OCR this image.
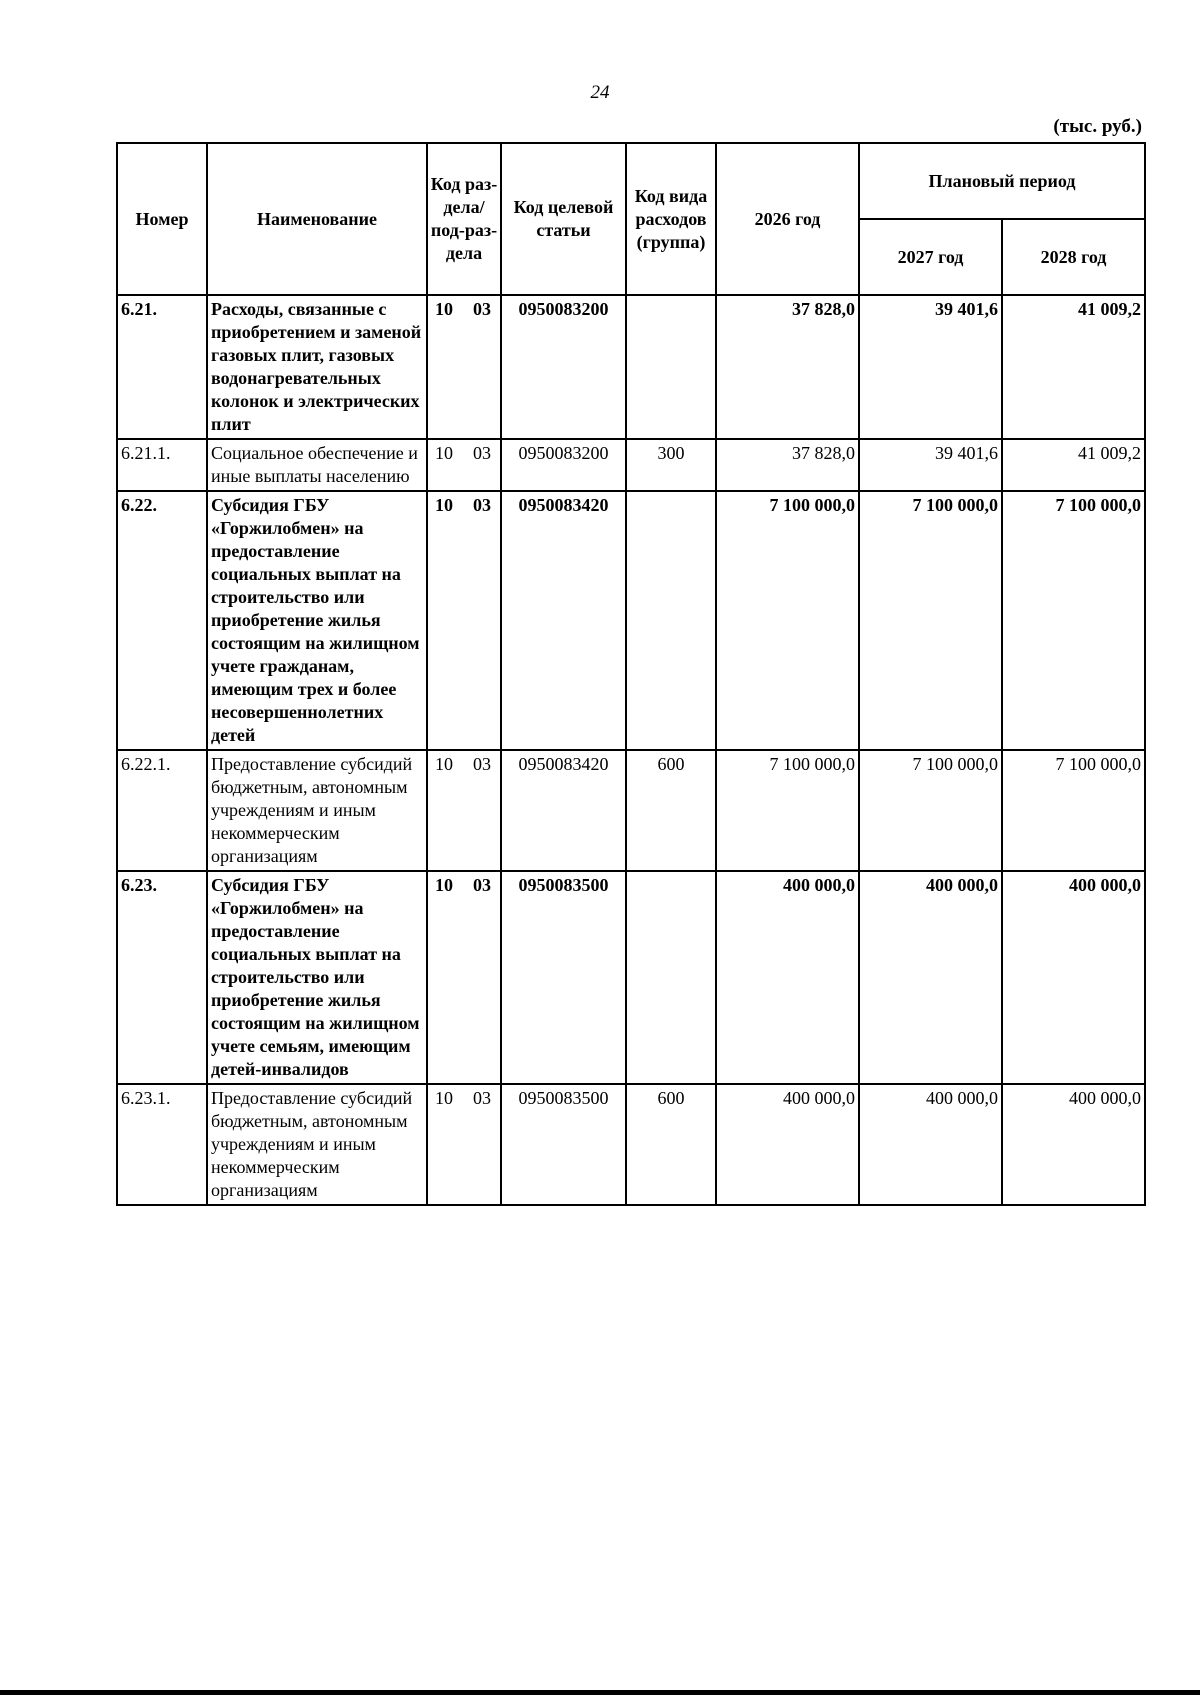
24
(тыс. руб.)
Номер	Наименование	Код раз-дела/ под-раз-дела	Код целевой статьи	Код вида расходов (группа)	2026 год	Плановый период	
						2027 год	2028 год
6.21.	Расходы, связанные с приобретением и заменой газовых плит, газовых водонагревательных колонок и электрических плит	10 03	0950083200		37 828,0	39 401,6	41 009,2
6.21.1.	Социальное обеспечение и иные выплаты населению	10 03	0950083200	300	37 828,0	39 401,6	41 009,2
6.22.	Субсидия ГБУ «Горжилобмен» на предоставление социальных выплат на строительство или приобретение жилья состоящим на жилищном учете гражданам, имеющим трех и более несовершеннолетних детей	10 03	0950083420		7 100 000,0	7 100 000,0	7 100 000,0
6.22.1.	Предоставление субсидий бюджетным, автономным учреждениям и иным некоммерческим организациям	10 03	0950083420	600	7 100 000,0	7 100 000,0	7 100 000,0
6.23.	Субсидия ГБУ «Горжилобмен» на предоставление социальных выплат на строительство или приобретение жилья состоящим на жилищном учете семьям, имеющим детей-инвалидов	10 03	0950083500		400 000,0	400 000,0	400 000,0
6.23.1.	Предоставление субсидий бюджетным, автономным учреждениям и иным некоммерческим организациям	10 03	0950083500	600	400 000,0	400 000,0	400 000,0
